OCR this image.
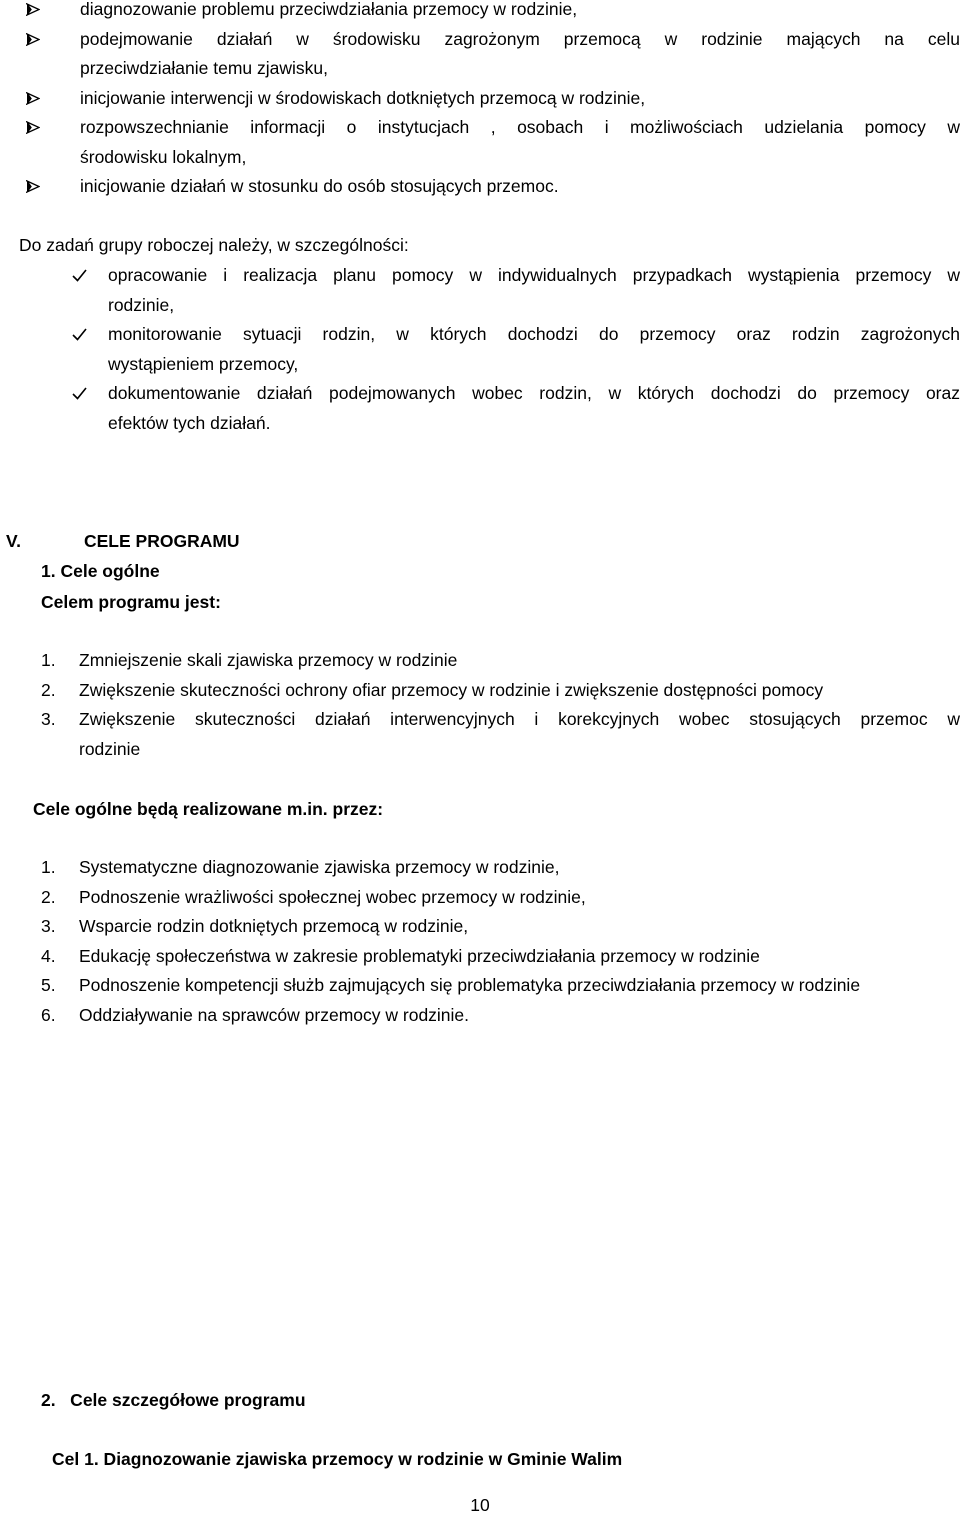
diagnozowanie problemu przeciwdziałania przemocy w rodzinie,
podejmowanie działań w środowisku zagrożonym przemocą w rodzinie mających na celu
przeciwdziałanie temu zjawisku,
inicjowanie interwencji w środowiskach dotkniętych przemocą w rodzinie,
rozpowszechnianie informacji o instytucjach , osobach i możliwościach udzielania pomocy w
środowisku lokalnym,
inicjowanie działań w stosunku do osób stosujących przemoc.
Do zadań grupy roboczej należy, w szczególności:
opracowanie i realizacja planu pomocy w indywidualnych przypadkach wystąpienia przemocy w
rodzinie,
monitorowanie sytuacji rodzin, w których dochodzi do przemocy oraz rodzin zagrożonych
wystąpieniem przemocy,
dokumentowanie działań podejmowanych wobec rodzin, w których dochodzi do przemocy oraz
efektów tych działań.
V.	CELE PROGRAMU
1. Cele ogólne
Celem programu jest:
1. Zmniejszenie skali zjawiska przemocy w rodzinie
2. Zwiększenie skuteczności ochrony ofiar przemocy w rodzinie i zwiększenie dostępności pomocy
3. Zwiększenie skuteczności działań interwencyjnych i korekcyjnych wobec stosujących przemoc w
rodzinie
Cele ogólne będą realizowane m.in. przez:
1. Systematyczne diagnozowanie zjawiska przemocy w rodzinie,
2. Podnoszenie wrażliwości społecznej wobec przemocy w rodzinie,
3. Wsparcie rodzin dotkniętych przemocą w rodzinie,
4. Edukację społeczeństwa w zakresie problematyki przeciwdziałania przemocy w rodzinie
5. Podnoszenie kompetencji służb zajmujących się problematyka przeciwdziałania przemocy w rodzinie
6. Oddziaływanie na sprawców przemocy w rodzinie.
2.   Cele szczegółowe programu
Cel 1. Diagnozowanie zjawiska przemocy w rodzinie w Gminie Walim
10
